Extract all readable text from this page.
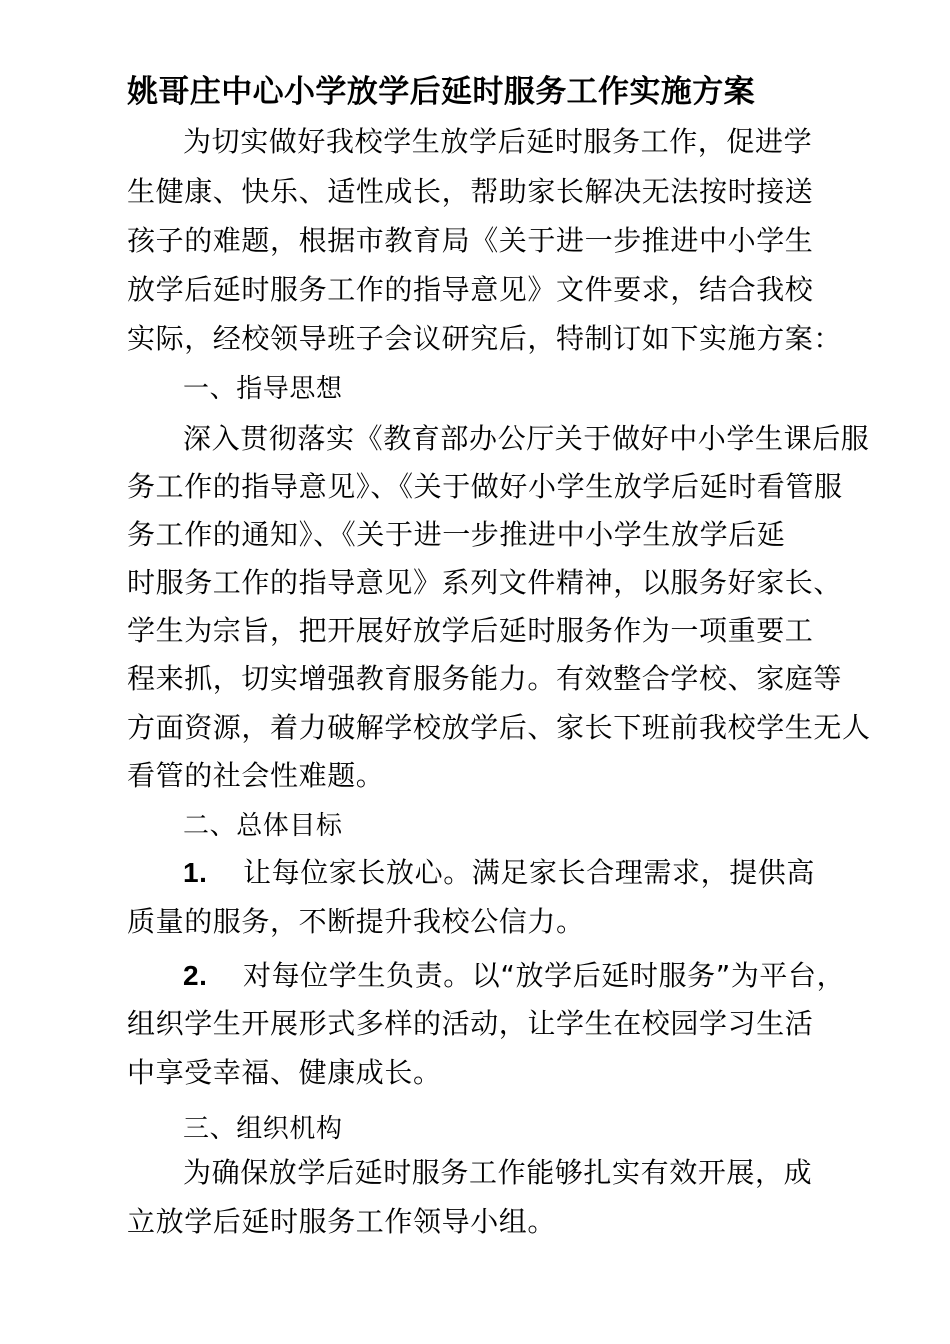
姚哥庄中心小学放学后延时服务工作实施方案
为切实做好我校学生放学后延时服务工作，促进学
生健康、快乐、适性成长，帮助家长解决无法按时接送
孩子的难题，根据市教育局《关于进一步推进中小学生
放学后延时服务工作的指导意见》文件要求，结合我校
实际，经校领导班子会议研究后，特制订如下实施方案：
一、指导思想
深入贯彻落实《教育部办公厅关于做好中小学生课后服
务工作的指导意见》、《关于做好小学生放学后延时看管服
务工作的通知》、《关于进一步推进中小学生放学后延
时服务工作的指导意见》系列文件精神，以服务好家长、
学生为宗旨，把开展好放学后延时服务作为一项重要工
程来抓，切实增强教育服务能力。有效整合学校、家庭等
方面资源，着力破解学校放学后、家长下班前我校学生无人
看管的社会性难题。
二、总体目标
1. 让每位家长放心。满足家长合理需求，提供高
质量的服务，不断提升我校公信力。
2. 对每位学生负责。以“放学后延时服务”为平台，
组织学生开展形式多样的活动，让学生在校园学习生活
中享受幸福、健康成长。
三、组织机构
为确保放学后延时服务工作能够扎实有效开展，成
立放学后延时服务工作领导小组。
